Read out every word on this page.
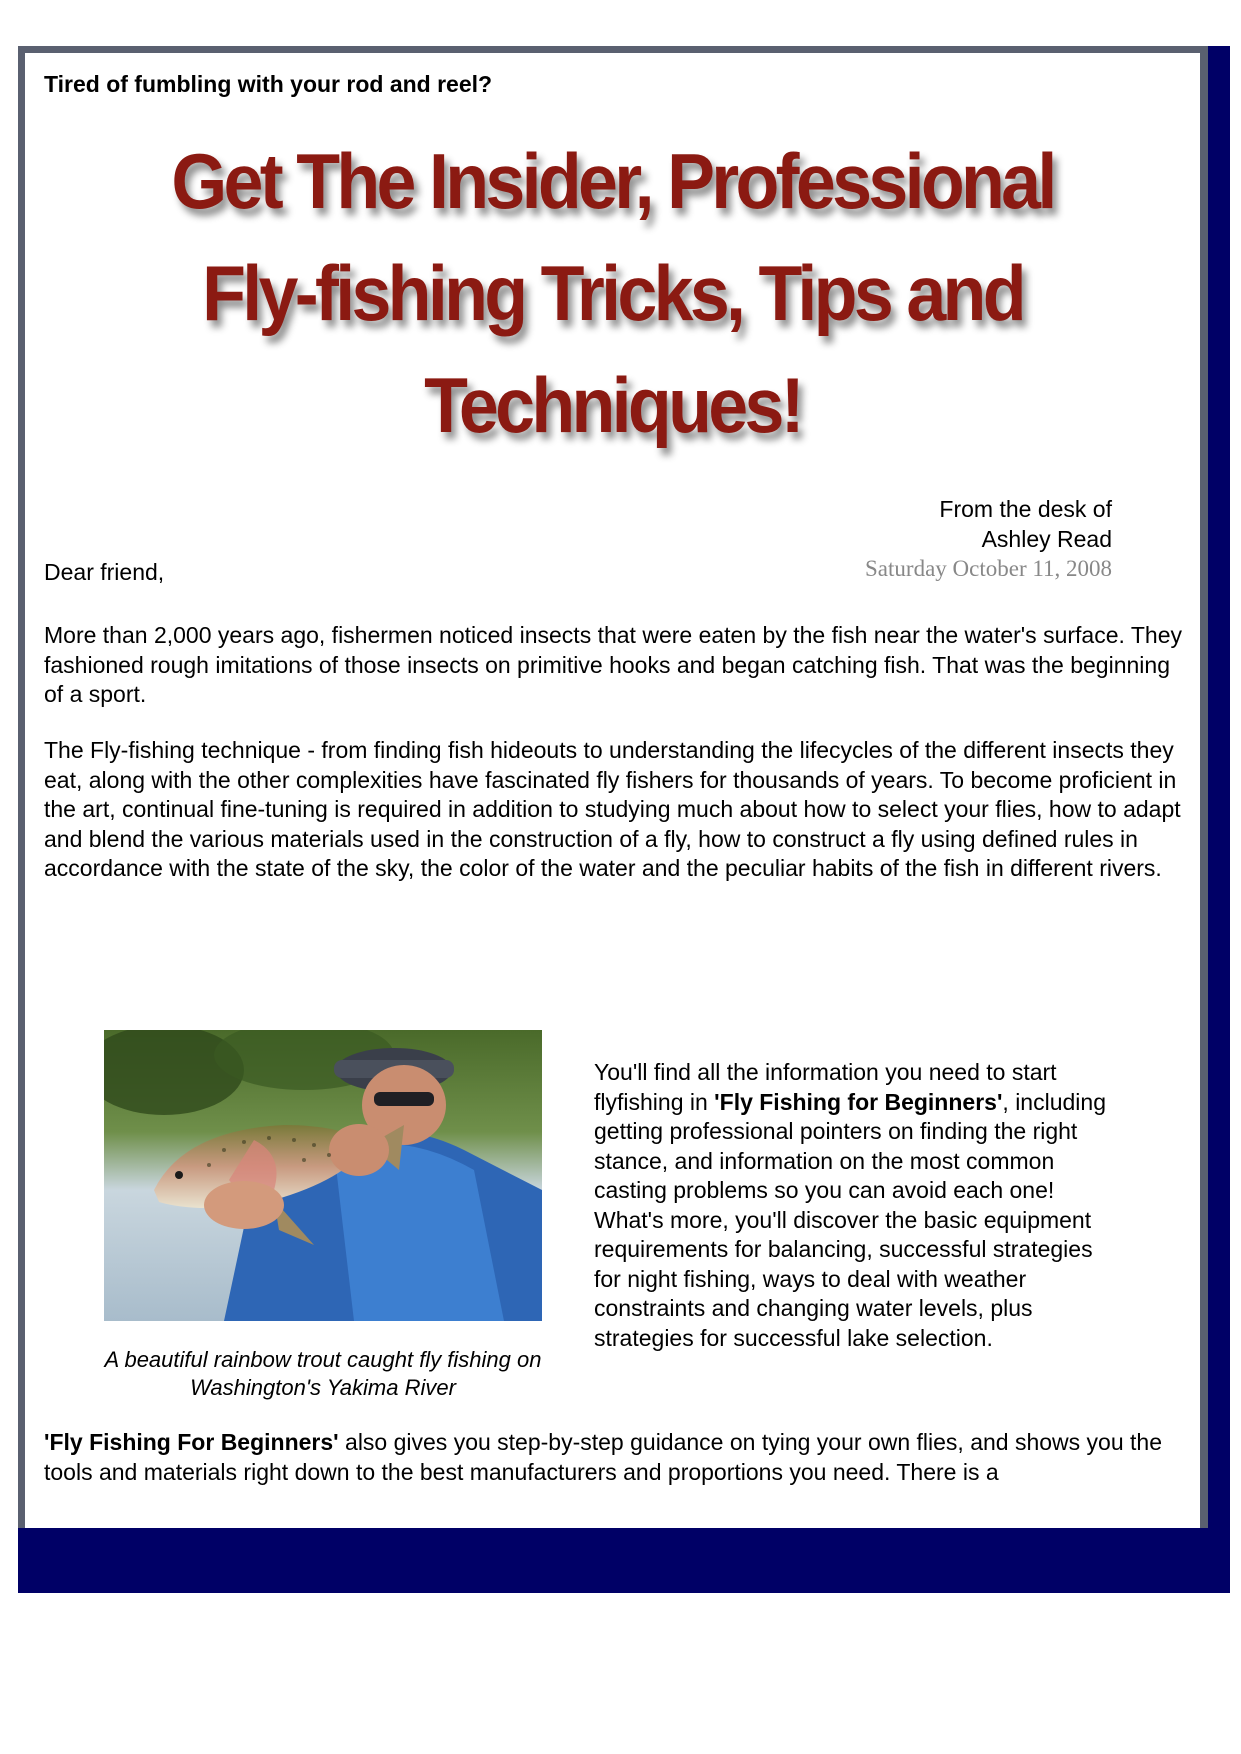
Tired of fumbling with your rod and reel?
Get The Insider, Professional
Fly-fishing Tricks, Tips and
Techniques!
From the desk of
Ashley Read
Saturday October 11, 2008
Dear friend,
More than 2,000 years ago, fishermen noticed insects that were eaten by the fish near the water's surface. They fashioned rough imitations of those insects on primitive hooks and began catching fish. That was the beginning of a sport.
The Fly-fishing technique - from finding fish hideouts to understanding the lifecycles of the different insects they eat, along with the other complexities have fascinated fly fishers for thousands of years. To become proficient in the art, continual fine-tuning is required in addition to studying much about how to select your flies, how to adapt and blend the various materials used in the construction of a fly, how to construct a fly using defined rules in accordance with the state of the sky, the color of the water and the peculiar habits of the fish in different rivers.
A beautiful rainbow trout caught fly fishing on Washington's Yakima River
You'll find all the information you need to start flyfishing in 'Fly Fishing for Beginners', including getting professional pointers on finding the right stance, and information on the most common casting problems so you can avoid each one! What's more, you'll discover the basic equipment requirements for balancing, successful strategies for night fishing, ways to deal with weather constraints and changing water levels, plus strategies for successful lake selection.
'Fly Fishing For Beginners' also gives you step-by-step guidance on tying your own flies, and shows you the tools and materials right down to the best manufacturers and proportions you need. There is a
